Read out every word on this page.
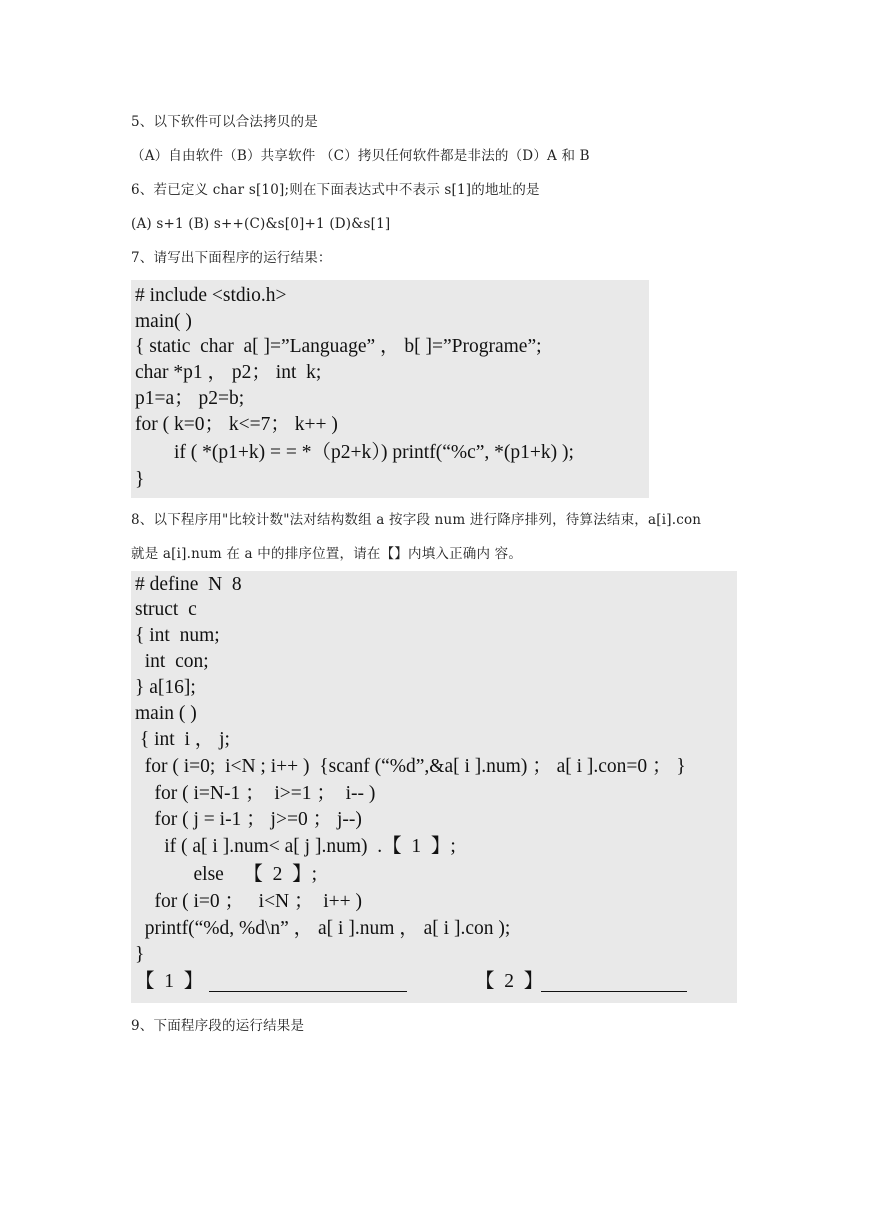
5、以下软件可以合法拷贝的是
（A）自由软件（B）共享软件 （C）拷贝任何软件都是非法的（D）A 和 B
6、若已定义 char s[10];则在下面表达式中不表示 s[1]的地址的是
(A) s+1 (B) s++(C)&s[0]+1 (D)&s[1]
7、请写出下面程序的运行结果：
# include <stdio.h>
main( )
{ static  char  a[ ]=”Language” ， b[ ]=”Programe”;
char *p1 ， p2； int  k;
p1=a； p2=b;
for ( k=0； k<=7； k++ )
if ( *(p1+k) = = *（p2+k）) printf(“%c”, *(p1+k) );
}
8、以下程序用"比较计数"法对结构数组 a 按字段 num 进行降序排列，待算法结束，a[i].con
就是 a[i].num 在 a 中的排序位置，请在【】内填入正确内 容。
# define  N  8
struct  c
{ int  num;
int  con;
} a[16];
main ( )
{ int  i ， j;
for ( i=0;  i<N ; i++ )  {scanf (“%d”,&a[ i ].num) ； a[ i ].con=0 ； }
for ( i=N-1 ；  i>=1 ；  i-- )
for ( j = i-1 ； j>=0 ； j--)
if ( a[ i ].num< a[ j ].num)  .【  1  】;
else    【  2  】;
for ( i=0 ；   i<N ；  i++ )
printf(“%d, %d\n” ， a[ i ].num ， a[ i ].con );
}
【  1  】	【  2  】
9、下面程序段的运行结果是
